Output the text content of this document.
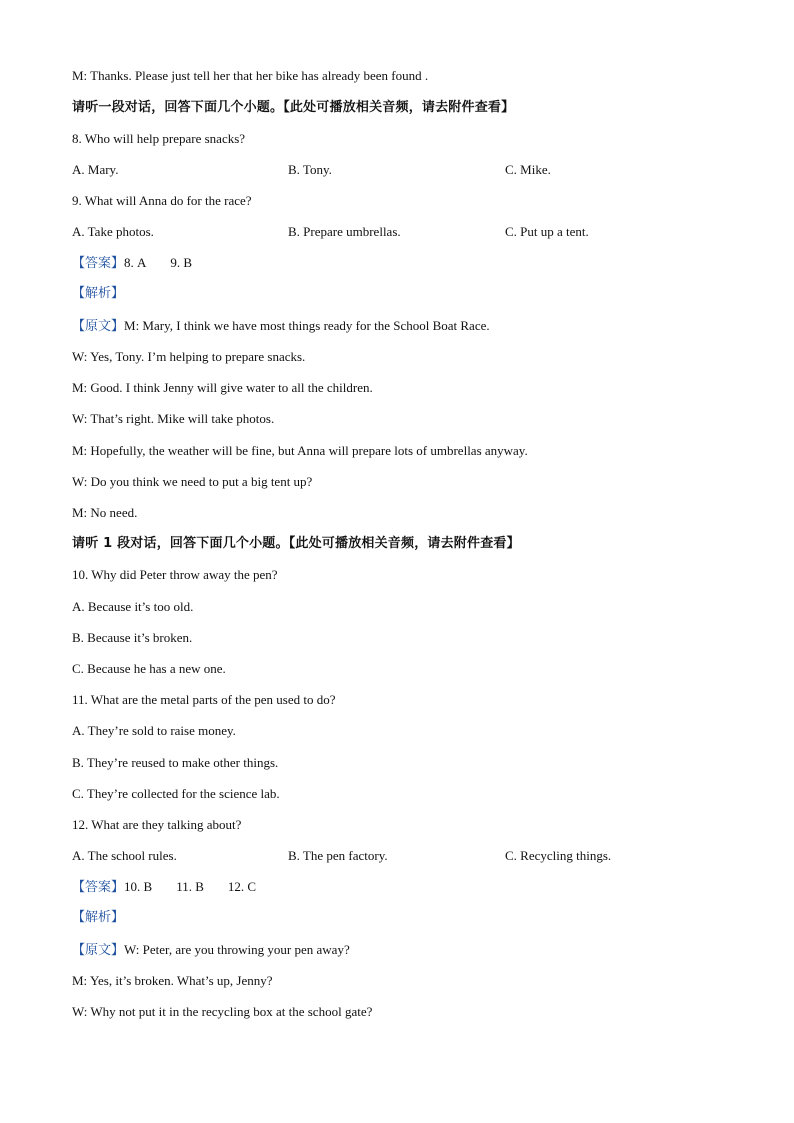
M: Thanks. Please just tell her that her bike has already been found .
请听一段对话，回答下面几个小题。【此处可播放相关音频，请去附件查看】
8. Who will help prepare snacks?
A. Mary.	B. Tony.	C. Mike.
9. What will Anna do for the race?
A. Take photos.	B. Prepare umbrellas.	C. Put up a tent.
【答案】8. A 9. B
【解析】
【原文】M: Mary, I think we have most things ready for the School Boat Race.
W: Yes, Tony. I’m helping to prepare snacks.
M: Good. I think Jenny will give water to all the children.
W: That’s right. Mike will take photos.
M: Hopefully, the weather will be fine, but Anna will prepare lots of umbrellas anyway.
W: Do you think we need to put a big tent up?
M: No need.
请听 1 段对话，回答下面几个小题。【此处可播放相关音频，请去附件查看】
10. Why did Peter throw away the pen?
A. Because it’s too old.
B. Because it’s broken.
C. Because he has a new one.
11. What are the metal parts of the pen used to do?
A. They’re sold to raise money.
B. They’re reused to make other things.
C. They’re collected for the science lab.
12. What are they talking about?
A. The school rules.	B. The pen factory.	C. Recycling things.
【答案】10. B 11. B 12. C
【解析】
【原文】W: Peter, are you throwing your pen away?
M: Yes, it’s broken. What’s up, Jenny?
W: Why not put it in the recycling box at the school gate?
